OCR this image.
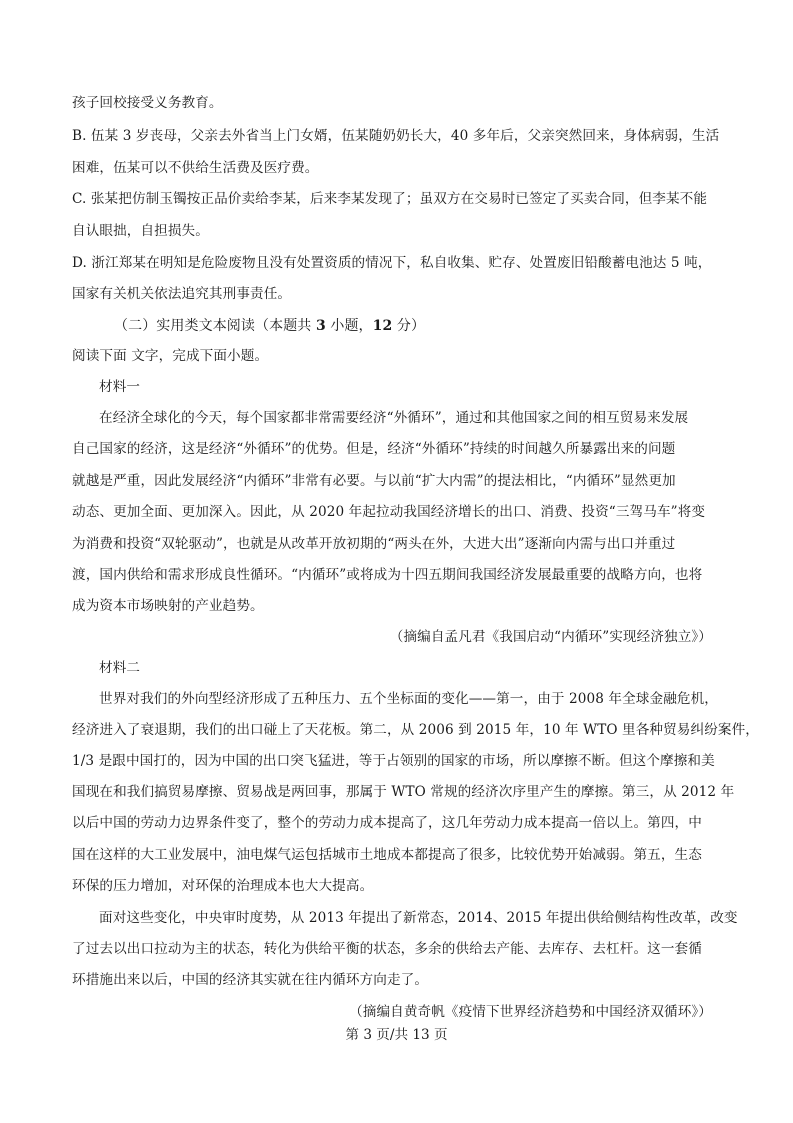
孩子回校接受义务教育。
B. 伍某 3 岁丧母，父亲去外省当上门女婿，伍某随奶奶长大，40 多年后，父亲突然回来，身体病弱，生活
困难，伍某可以不供给生活费及医疗费。
C. 张某把仿制玉镯按正品价卖给李某，后来李某发现了；虽双方在交易时已签定了买卖合同，但李某不能
自认眼拙，自担损失。
D. 浙江郑某在明知是危险废物且没有处置资质的情况下，私自收集、贮存、处置废旧铅酸蓄电池达 5 吨，
国家有关机关依法追究其刑事责任。
（二）实用类文本阅读（本题共 3 小题，12 分）
阅读下面 文字，完成下面小题。
材料一
在经济全球化的今天，每个国家都非常需要经济“外循环”，通过和其他国家之间的相互贸易来发展
自己国家的经济，这是经济“外循环”的优势。但是，经济“外循环”持续的时间越久所暴露出来的问题
就越是严重，因此发展经济“内循环”非常有必要。与以前“扩大内需”的提法相比，“内循环”显然更加
动态、更加全面、更加深入。因此，从 2020 年起拉动我国经济增长的出口、消费、投资“三驾马车”将变
为消费和投资“双轮驱动”，也就是从改革开放初期的“两头在外，大进大出”逐渐向内需与出口并重过
渡，国内供给和需求形成良性循环。“内循环”或将成为十四五期间我国经济发展最重要的战略方向，也将
成为资本市场映射的产业趋势。
（摘编自孟凡君《我国启动“内循环”实现经济独立》）
材料二
世界对我们的外向型经济形成了五种压力、五个坐标面的变化——第一，由于 2008 年全球金融危机，
经济进入了衰退期，我们的出口碰上了天花板。第二，从 2006 到 2015 年，10 年 WTO 里各种贸易纠纷案件，
1/3 是跟中国打的，因为中国的出口突飞猛进，等于占领别的国家的市场，所以摩擦不断。但这个摩擦和美
国现在和我们搞贸易摩擦、贸易战是两回事，那属于 WTO 常规的经济次序里产生的摩擦。第三，从 2012 年
以后中国的劳动力边界条件变了，整个的劳动力成本提高了，这几年劳动力成本提高一倍以上。第四，中
国在这样的大工业发展中，油电煤气运包括城市土地成本都提高了很多，比较优势开始减弱。第五，生态
环保的压力增加，对环保的治理成本也大大提高。
面对这些变化，中央审时度势，从 2013 年提出了新常态，2014、2015 年提出供给侧结构性改革，改变
了过去以出口拉动为主的状态，转化为供给平衡的状态，多余的供给去产能、去库存、去杠杆。这一套循
环措施出来以后，中国的经济其实就在往内循环方向走了。
（摘编自黄奇帆《疫情下世界经济趋势和中国经济双循环》）
第 3 页/共 13 页
